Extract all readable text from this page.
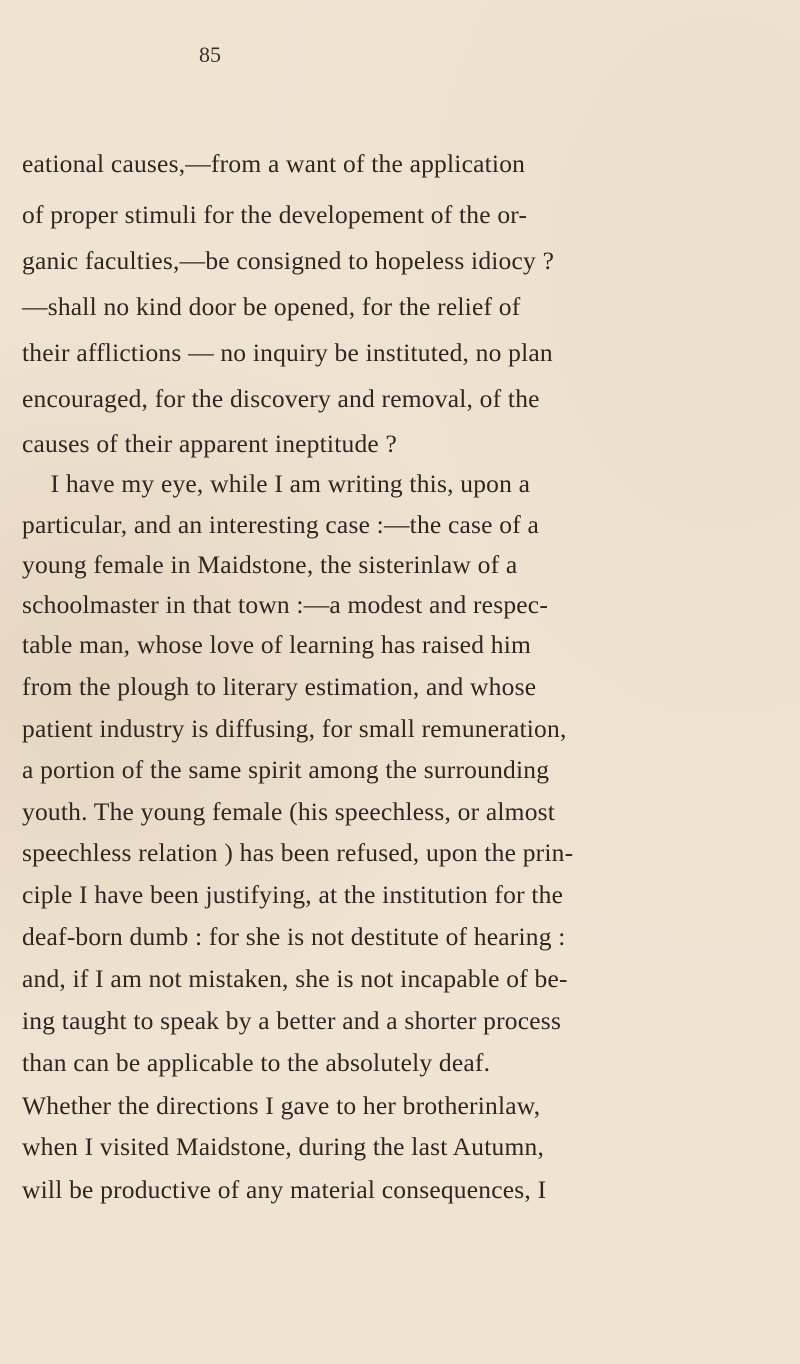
85
eational causes,—from a want of the application
of proper stimuli for the developement of the or-
ganic faculties,—be consigned to hopeless idiocy ?
—shall no kind door be opened, for the relief of
their afflictions — no inquiry be instituted, no plan
encouraged, for the discovery and removal, of the
causes of their apparent ineptitude ?
I have my eye, while I am writing this, upon a
particular, and an interesting case :—the case of a
young female in Maidstone, the sisterinlaw of a
schoolmaster in that town :—a modest and respec-
table man, whose love of learning has raised him
from the plough to literary estimation, and whose
patient industry is diffusing, for small remuneration,
a portion of the same spirit among the surrounding
youth. The young female (his speechless, or almost
speechless relation ) has been refused, upon the prin-
ciple I have been justifying, at the institution for the
deaf-born dumb : for she is not destitute of hearing :
and, if I am not mistaken, she is not incapable of be-
ing taught to speak by a better and a shorter process
than can be applicable to the absolutely deaf.
Whether the directions I gave to her brotherinlaw,
when I visited Maidstone, during the last Autumn,
will be productive of any material consequences, I
